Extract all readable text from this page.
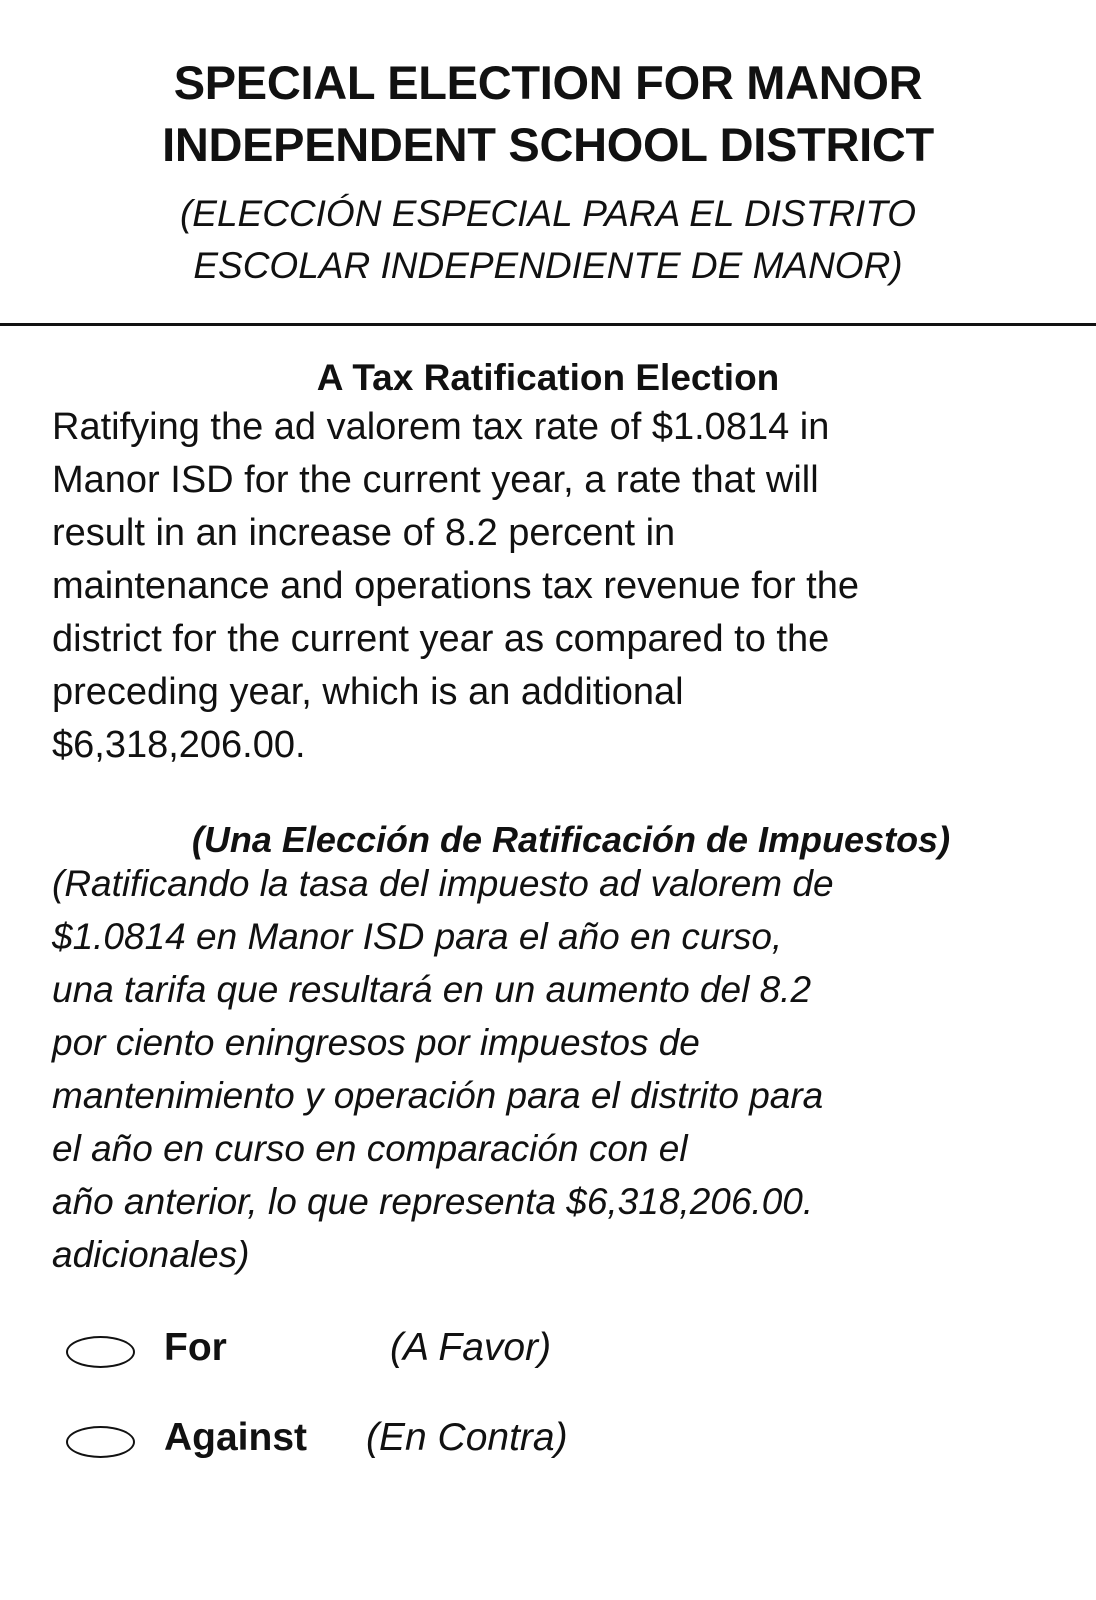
SPECIAL ELECTION FOR MANOR

INDEPENDENT SCHOOL DISTRICT

(ELECCIÓN ESPECIAL PARA EL DISTRITO

ESCOLAR INDEPENDIENTE DE MANOR)

A Tax Ratification Election
Ratifying the ad valorem tax rate of $1.0814 in
Manor ISD for the current year, a rate that will
result in an increase of 8.2 percent in
maintenance and operations tax revenue for the
district for the current year as compared to the
preceding year, which is an additional
$6,318,206.00.
(Una Elección de Ratificación de Impuestos)
(Ratificando la tasa del impuesto ad valorem de
$1.0814 en Manor ISD para el año en curso,
una tarifa que resultará en un aumento del 8.2
por ciento eningresos por impuestos de
mantenimiento y operación para el distrito para
el año en curso en comparación con el
año anterior, lo que representa $6,318,206.00.
adicionales)
For	(A Favor)
Against (En Contra)
